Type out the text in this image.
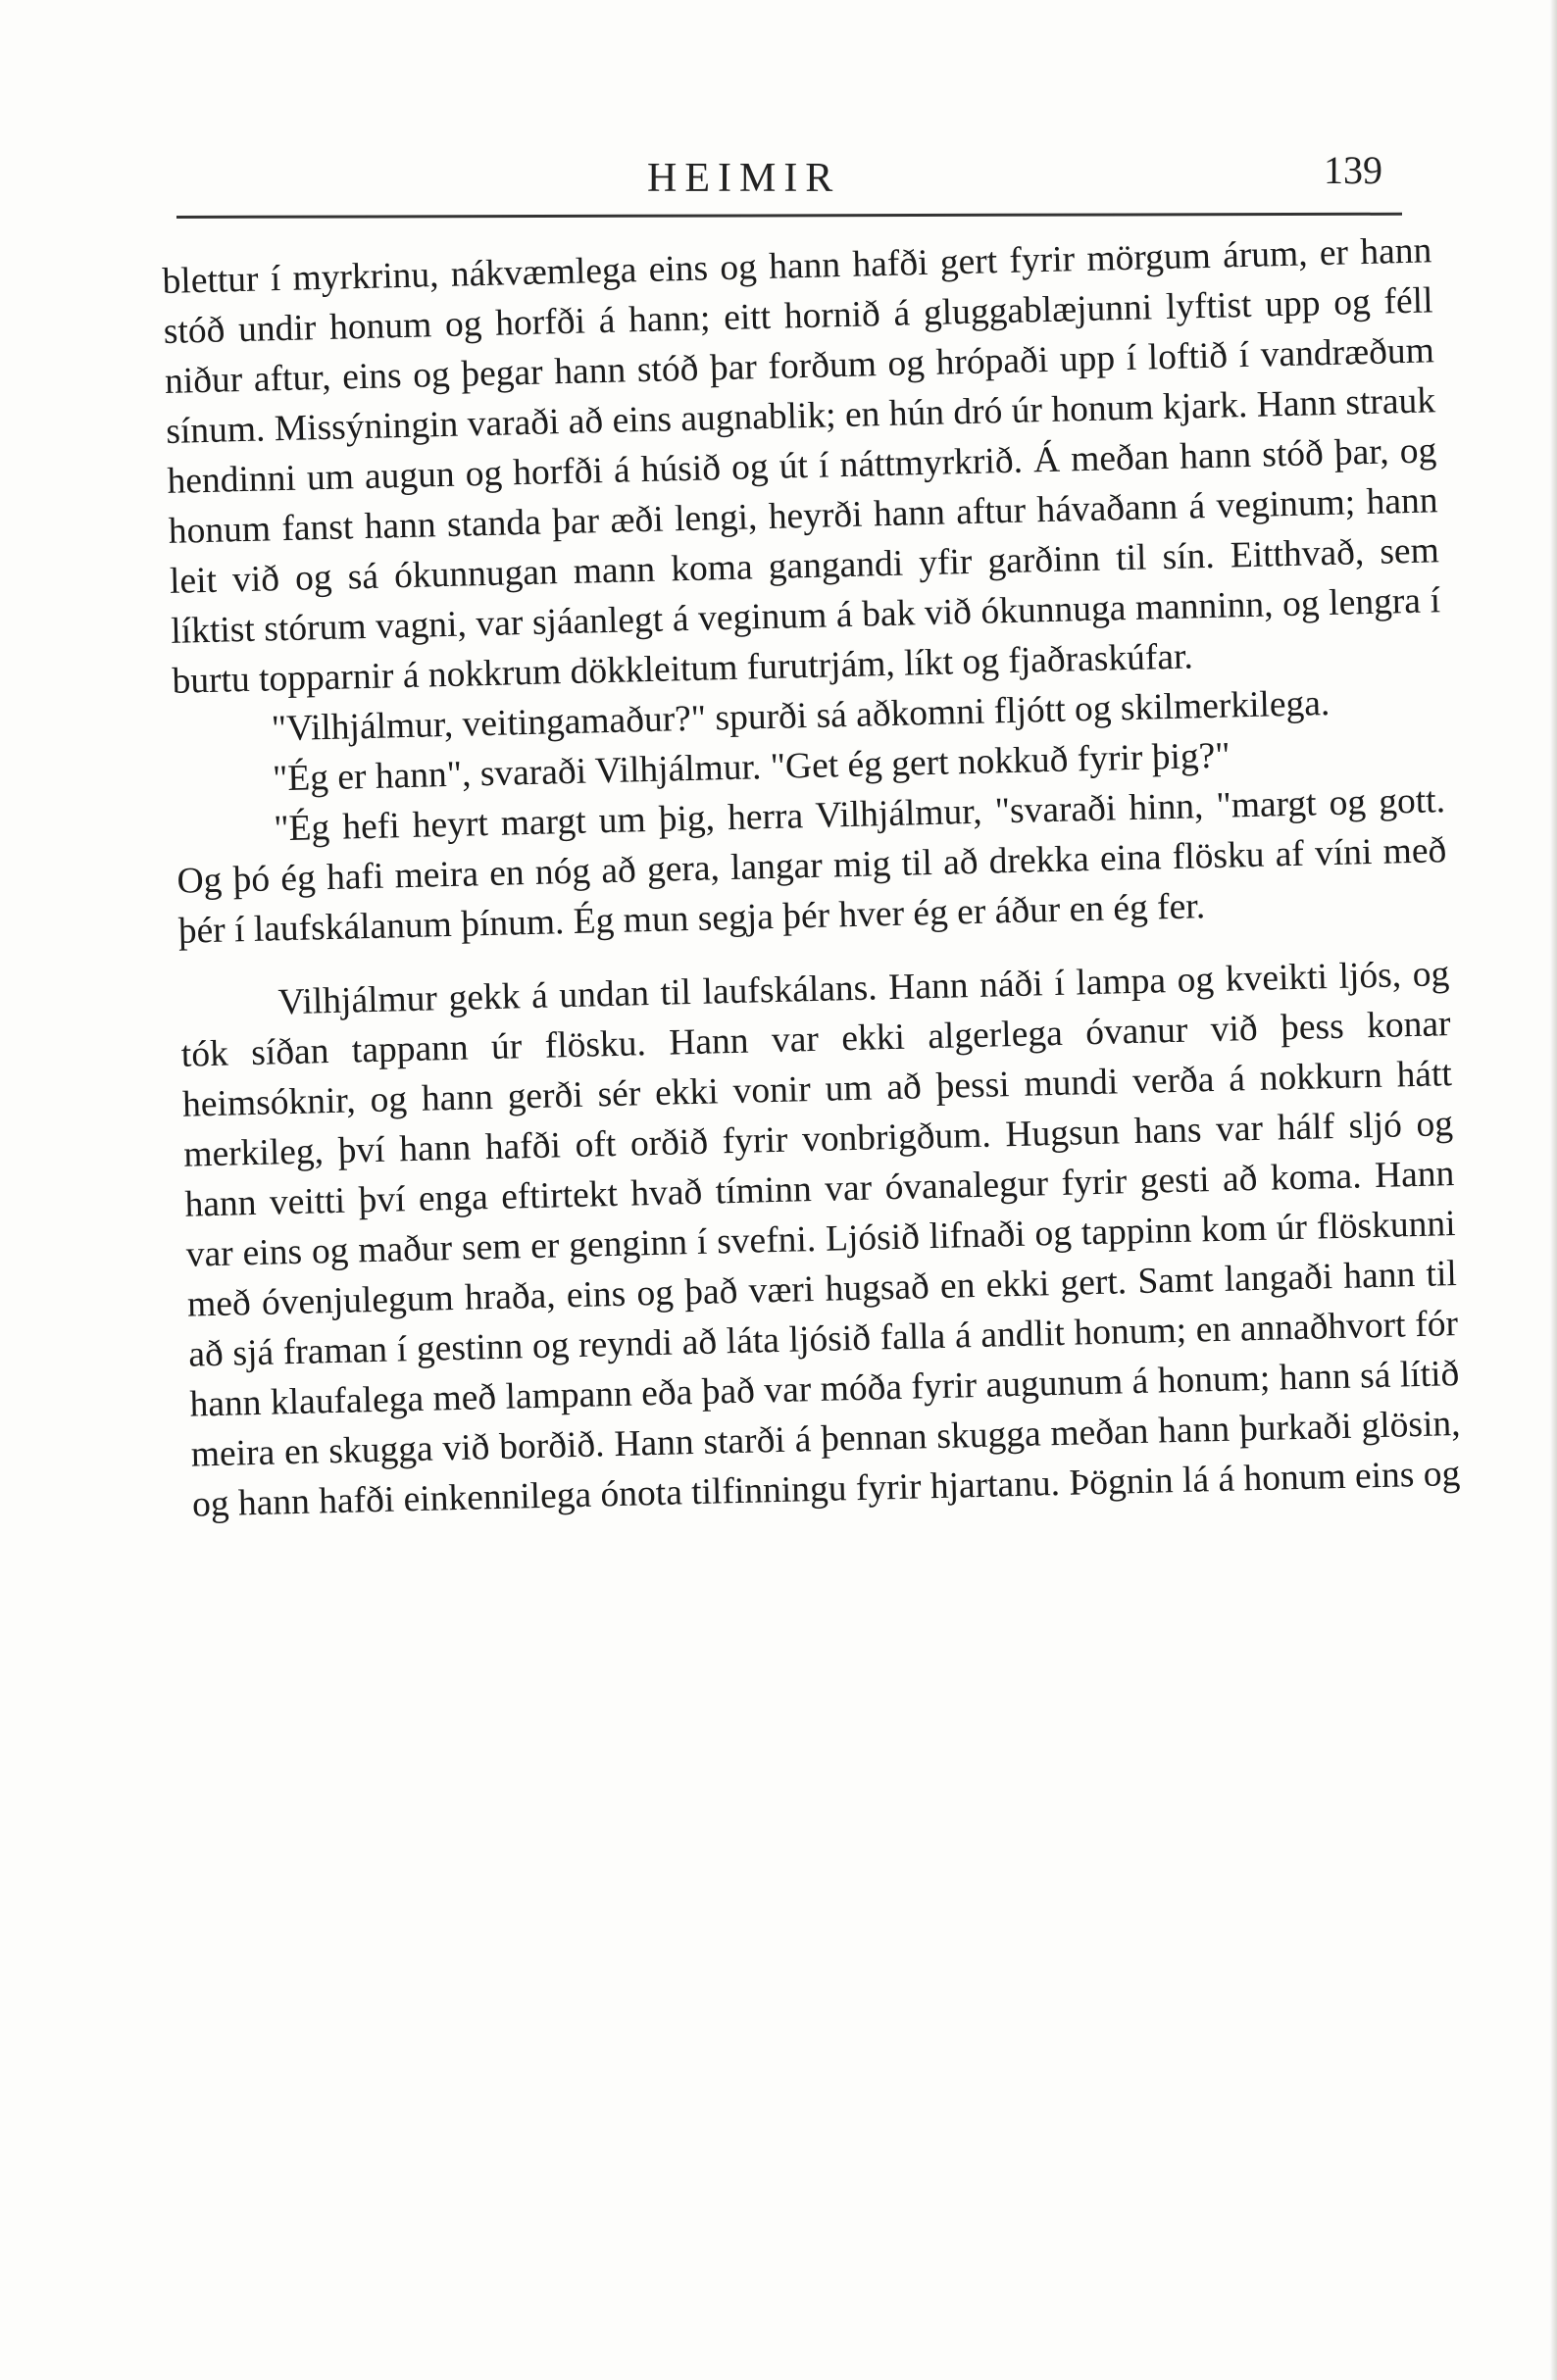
HEIMIR	139

blettur í myrkrinu, nákvæmlega eins og hann hafði gert fyrir mörgum árum, er hann stóð undir honum og horfði á hann; eitt hornið á gluggablæjunni lyftist upp og féll niður aftur, eins og þegar hann stóð þar forðum og hrópaði upp í loftið í vandræðum sínum. Missýningin varaði að eins augnablik; en hún dró úr honum kjark. Hann strauk hendinni um augun og horfði á húsið og út í náttmyrkrið. Á meðan hann stóð þar, og honum fanst hann standa þar æði lengi, heyrði hann aftur hávaðann á veginum; hann leit við og sá ókunnugan mann koma gangandi yfir garðinn til sín. Eitthvað, sem líktist stórum vagni, var sjáanlegt á veginum á bak við ókunnuga manninn, og lengra í burtu topparnir á nokkrum dökkleitum furutrjám, líkt og fjaðraskúfar.

"Vilhjálmur, veitingamaður?" spurði sá aðkomni fljótt og skilmerkilega.

"Ég er hann", svaraði Vilhjálmur. "Get ég gert nokkuð fyrir þig?"

"Ég hefi heyrt margt um þig, herra Vilhjálmur, "svaraði hinn, "margt og gott. Og þó ég hafi meira en nóg að gera, langar mig til að drekka eina flösku af víni með þér í laufskálanum þínum. Ég mun segja þér hver ég er áður en ég fer.

Vilhjálmur gekk á undan til laufskálans. Hann náði í lampa og kveikti ljós, og tók síðan tappann úr flösku. Hann var ekki algerlega óvanur við þess konar heimsóknir, og hann gerði sér ekki vonir um að þessi mundi verða á nokkurn hátt merkileg, því hann hafði oft orðið fyrir vonbrigðum. Hugsun hans var hálf sljó og hann veitti því enga eftirtekt hvað tíminn var óvanalegur fyrir gesti að koma. Hann var eins og maður sem er genginn í svefni. Ljósið lifnaði og tappinn kom úr flöskunni með óvenjulegum hraða, eins og það væri hugsað en ekki gert. Samt langaði hann til að sjá framan í gestinn og reyndi að láta ljósið falla á andlit honum; en annaðhvort fór hann klaufalega með lampann eða það var móða fyrir augunum á honum; hann sá lítið meira en skugga við borðið. Hann starði á þennan skugga meðan hann þurkaði glösin, og hann hafði einkennilega ónota tilfinningu fyrir hjartanu. Þögnin lá á honum eins og
